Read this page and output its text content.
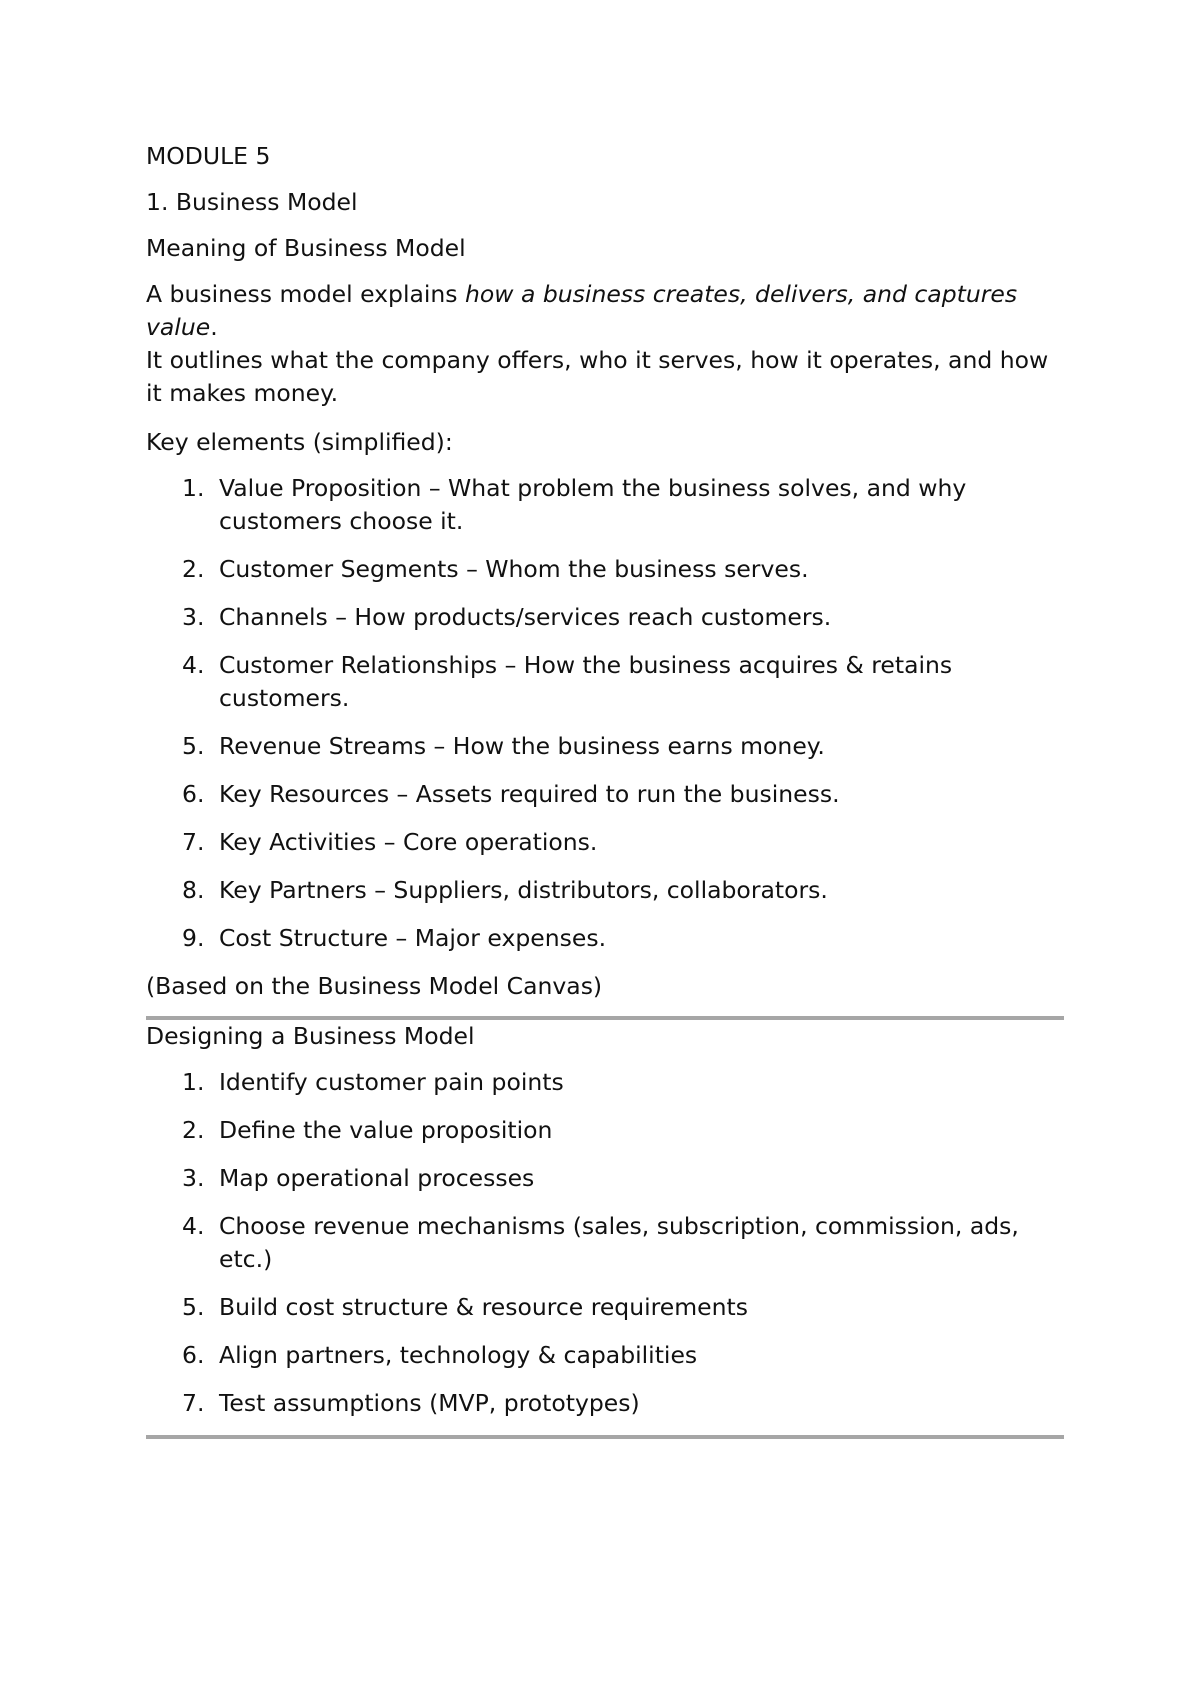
MODULE 5

1. Business Model

Meaning of Business Model

A business model explains how a business creates, delivers, and captures value.
It outlines what the company offers, who it serves, how it operates, and how it makes money.

Key elements (simplified):

1. Value Proposition – What problem the business solves, and why customers choose it.
2. Customer Segments – Whom the business serves.
3. Channels – How products/services reach customers.
4. Customer Relationships – How the business acquires & retains customers.
5. Revenue Streams – How the business earns money.
6. Key Resources – Assets required to run the business.
7. Key Activities – Core operations.
8. Key Partners – Suppliers, distributors, collaborators.
9. Cost Structure – Major expenses.

(Based on the Business Model Canvas)

Designing a Business Model

1. Identify customer pain points
2. Define the value proposition
3. Map operational processes
4. Choose revenue mechanisms (sales, subscription, commission, ads, etc.)
5. Build cost structure & resource requirements
6. Align partners, technology & capabilities
7. Test assumptions (MVP, prototypes)
